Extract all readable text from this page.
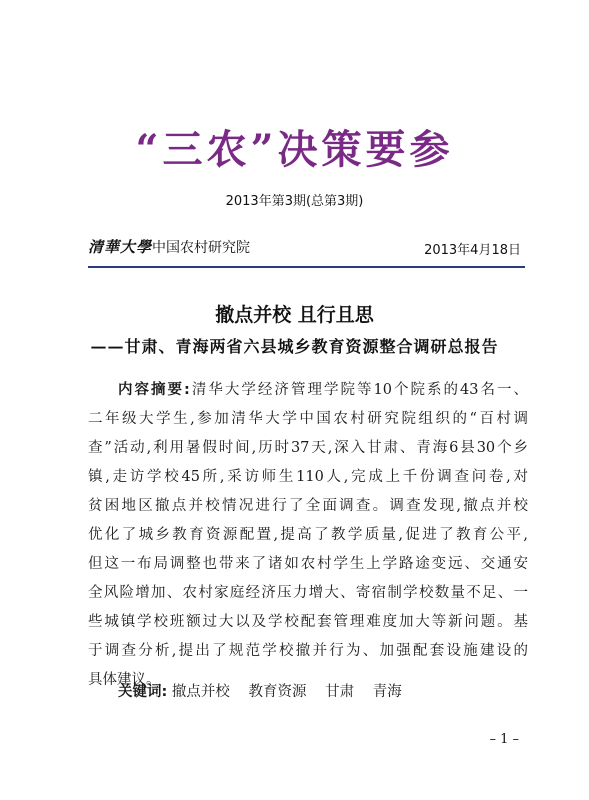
“三农”决策要参
2013年第3期(总第3期)
清華大學中国农村研究院	2013年4月18日
撤点并校 且行且思
——甘肃、青海两省六县城乡教育资源整合调研总报告
内容摘要:清华大学经济管理学院等10个院系的43名一、
二年级大学生,参加清华大学中国农村研究院组织的“百村调
查”活动,利用暑假时间,历时37天,深入甘肃、青海6县30个乡
镇,走访学校45所,采访师生110人,完成上千份调查问卷,对
贫困地区撤点并校情况进行了全面调查。调查发现,撤点并校
优化了城乡教育资源配置,提高了教学质量,促进了教育公平,
但这一布局调整也带来了诸如农村学生上学路途变远、交通安
全风险增加、农村家庭经济压力增大、寄宿制学校数量不足、一
些城镇学校班额过大以及学校配套管理难度加大等新问题。基
于调查分析,提出了规范学校撤并行为、加强配套设施建设的
具体建议。
关键词: 撤点并校 教育资源 甘肃 青海
– 1 –
